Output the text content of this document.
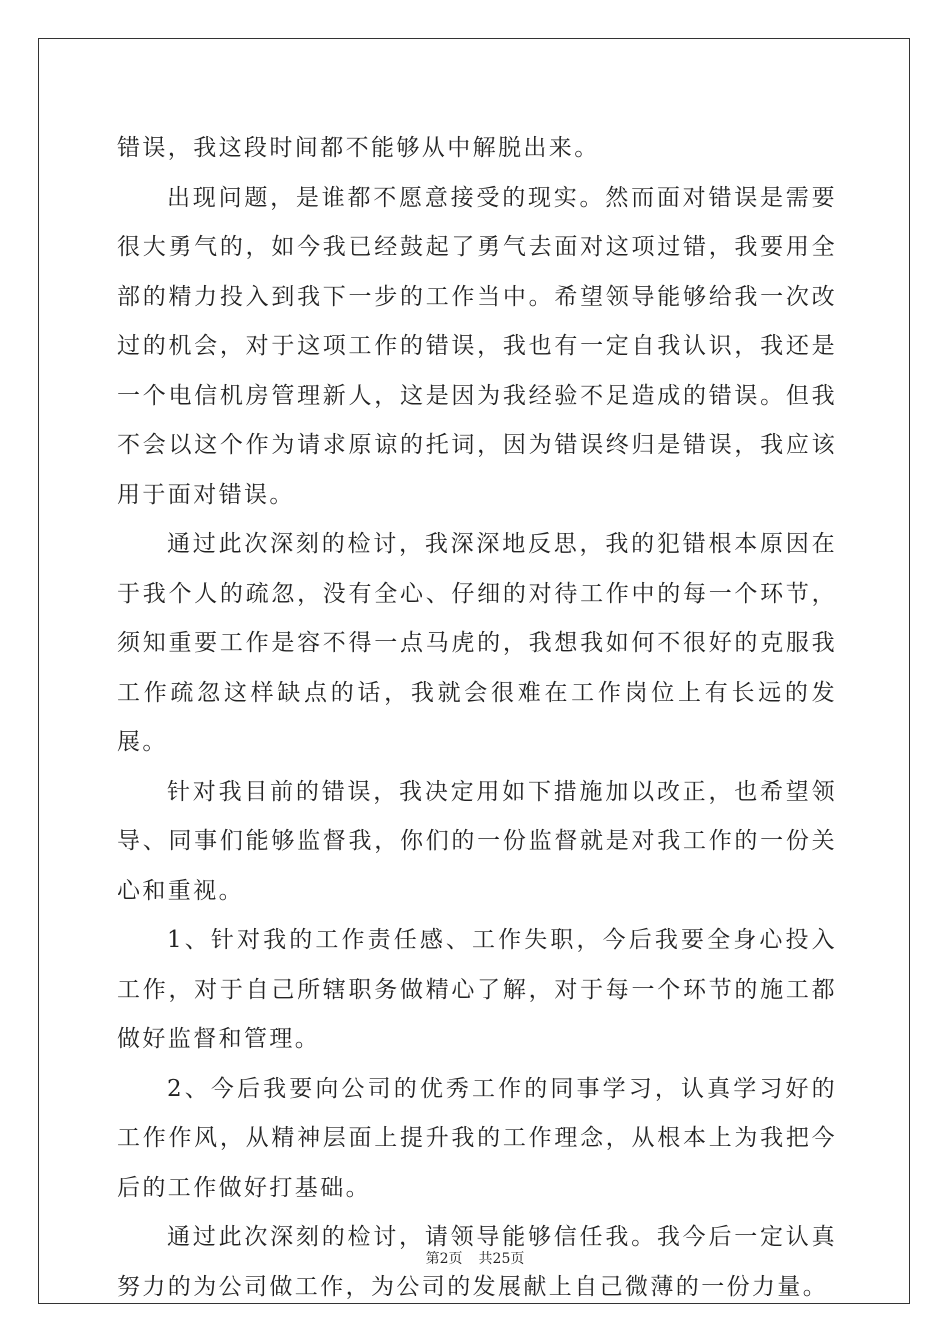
错误，我这段时间都不能够从中解脱出来。

出现问题，是谁都不愿意接受的现实。然而面对错误是需要很大勇气的，如今我已经鼓起了勇气去面对这项过错，我要用全部的精力投入到我下一步的工作当中。希望领导能够给我一次改过的机会，对于这项工作的错误，我也有一定自我认识，我还是一个电信机房管理新人，这是因为我经验不足造成的错误。但我不会以这个作为请求原谅的托词，因为错误终归是错误，我应该用于面对错误。

通过此次深刻的检讨，我深深地反思，我的犯错根本原因在于我个人的疏忽，没有全心、仔细的对待工作中的每一个环节，须知重要工作是容不得一点马虎的，我想我如何不很好的克服我工作疏忽这样缺点的话，我就会很难在工作岗位上有长远的发展。

针对我目前的错误，我决定用如下措施加以改正，也希望领导、同事们能够监督我，你们的一份监督就是对我工作的一份关心和重视。

1、针对我的工作责任感、工作失职，今后我要全身心投入工作，对于自己所辖职务做精心了解，对于每一个环节的施工都做好监督和管理。

2、今后我要向公司的优秀工作的同事学习，认真学习好的工作作风，从精神层面上提升我的工作理念，从根本上为我把今后的工作做好打基础。

通过此次深刻的检讨，请领导能够信任我。我今后一定认真努力的为公司做工作，为公司的发展献上自己微薄的一份力量。

第2页 共25页
